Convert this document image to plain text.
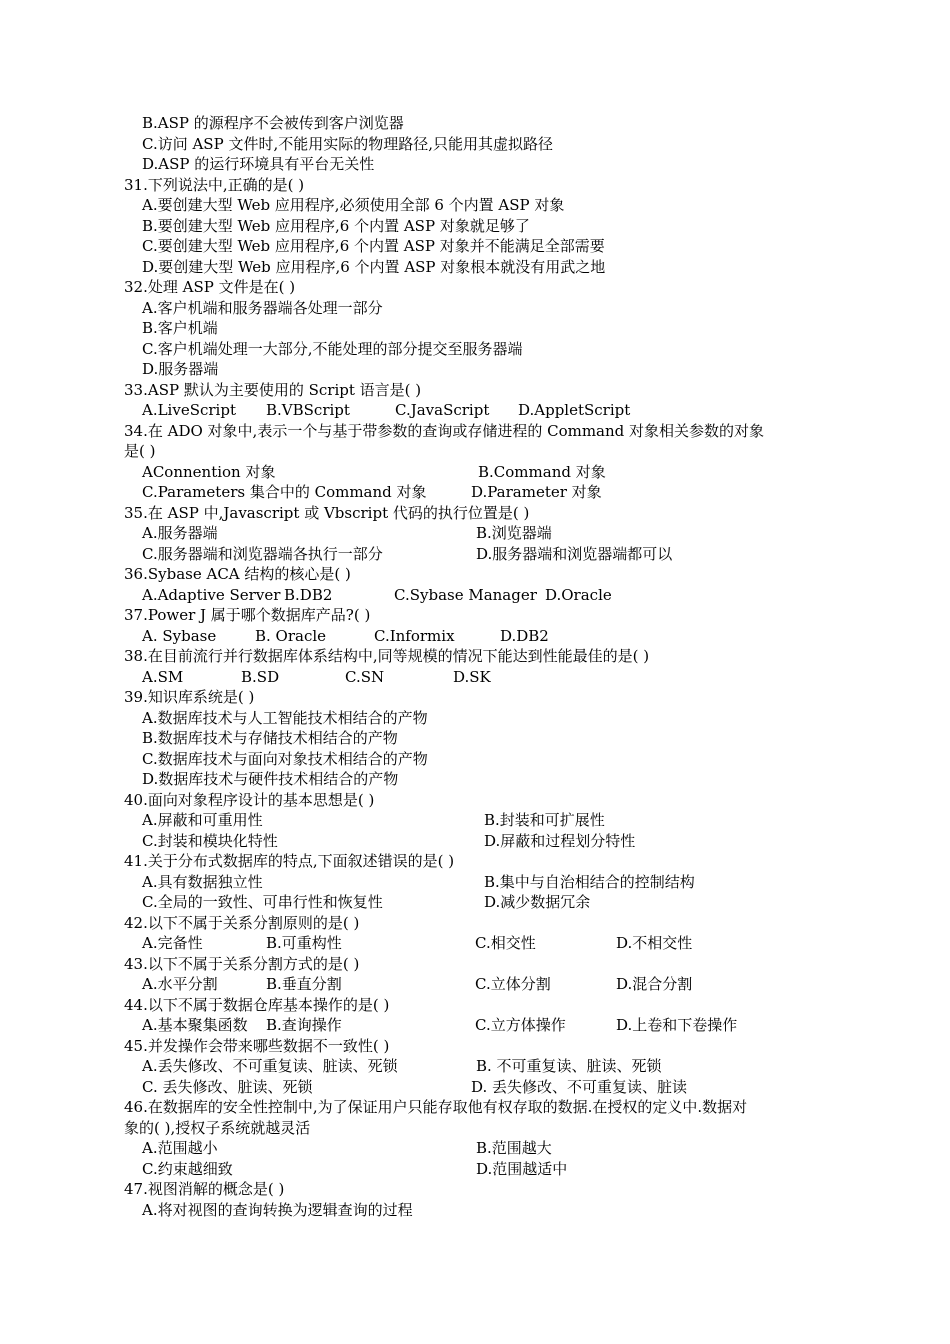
B.ASP 的源程序不会被传到客户浏览器
C.访问 ASP 文件时,不能用实际的物理路径,只能用其虚拟路径
D.ASP 的运行环境具有平台无关性
31.下列说法中,正确的是( )
A.要创建大型 Web 应用程序,必须使用全部 6 个内置 ASP 对象
B.要创建大型 Web 应用程序,6 个内置 ASP 对象就足够了
C.要创建大型 Web 应用程序,6 个内置 ASP 对象并不能满足全部需要
D.要创建大型 Web 应用程序,6 个内置 ASP 对象根本就没有用武之地
32.处理 ASP 文件是在( )
A.客户机端和服务器端各处理一部分
B.客户机端
C.客户机端处理一大部分,不能处理的部分提交至服务器端
D.服务器端
33.ASP 默认为主要使用的 Script 语言是( )
A.LiveScript B.VBScript	C.JavaScript D.AppletScript
34.在 ADO 对象中,表示一个与基于带参数的查询或存储进程的 Command 对象相关参数的对象
是( )
AConnention 对象	B.Command 对象
C.Parameters 集合中的 Command 对象	D.Parameter 对象
35.在 ASP 中,Javascript 或 Vbscript 代码的执行位置是( )
A.服务器端	B.浏览器端
C.服务器端和浏览器端各执行一部分	D.服务器端和浏览器端都可以
36.Sybase ACA 结构的核心是( )
A.Adaptive Server B.DB2	C.Sybase Manager D.Oracle
37.Power J 属于哪个数据库产品?( )
A. Sybase	B. Oracle	C.Informix	D.DB2
38.在目前流行并行数据库体系结构中,同等规模的情况下能达到性能最佳的是( )
A.SM	B.SD	C.SN	D.SK
39.知识库系统是( )
A.数据库技术与人工智能技术相结合的产物
B.数据库技术与存储技术相结合的产物
C.数据库技术与面向对象技术相结合的产物
D.数据库技术与硬件技术相结合的产物
40.面向对象程序设计的基本思想是( )
A.屏蔽和可重用性	B.封装和可扩展性
C.封装和模块化特性	D.屏蔽和过程划分特性
41.关于分布式数据库的特点,下面叙述错误的是( )
A.具有数据独立性	B.集中与自治相结合的控制结构
C.全局的一致性、可串行性和恢复性	D.减少数据冗余
42.以下不属于关系分割原则的是( )
A.完备性	B.可重构性	C.相交性	D.不相交性
43.以下不属于关系分割方式的是( )
A.水平分割	B.垂直分割	C.立体分割	D.混合分割
44.以下不属于数据仓库基本操作的是( )
A.基本聚集函数 B.查询操作	C.立方体操作	D.上卷和下卷操作
45.并发操作会带来哪些数据不一致性( )
A.丢失修改、不可重复读、脏读、死锁	B. 不可重复读、脏读、死锁
C. 丢失修改、脏读、死锁	D. 丢失修改、不可重复读、脏读
46.在数据库的安全性控制中,为了保证用户只能存取他有权存取的数据.在授权的定义中.数据对
象的( ),授权子系统就越灵活
A.范围越小	B.范围越大
C.约束越细致	D.范围越适中
47.视图消解的概念是( )
A.将对视图的查询转换为逻辑查询的过程
